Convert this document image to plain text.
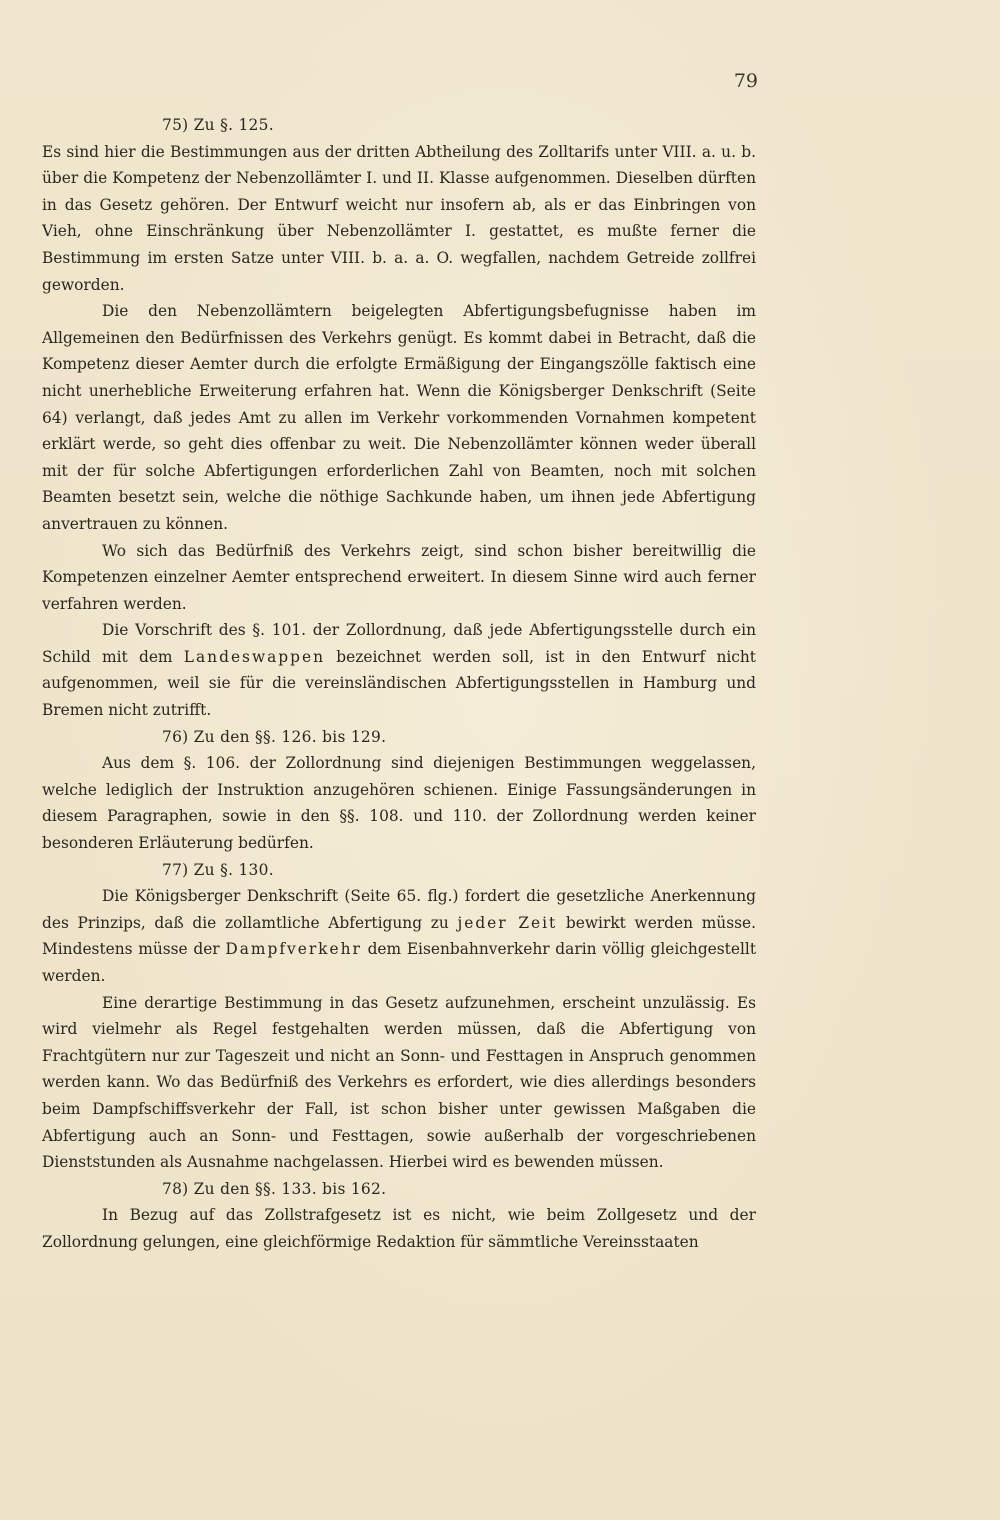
79

75) Zu §. 125.

Es sind hier die Bestimmungen aus der dritten Abtheilung des Zolltarifs unter VIII. a. u. b. über die Kompetenz der Nebenzollämter I. und II. Klasse aufgenommen. Dieselben dürften in das Gesetz gehören. Der Entwurf weicht nur insofern ab, als er das Einbringen von Vieh, ohne Einschränkung über Nebenzollämter I. gestattet, es mußte ferner die Bestimmung im ersten Satze unter VIII. b. a. a. O. wegfallen, nachdem Getreide zollfrei geworden.

Die den Nebenzollämtern beigelegten Abfertigungsbefugnisse haben im Allgemeinen den Bedürfnissen des Verkehrs genügt. Es kommt dabei in Betracht, daß die Kompetenz dieser Aemter durch die erfolgte Ermäßigung der Eingangszölle faktisch eine nicht unerhebliche Erweiterung erfahren hat. Wenn die Königsberger Denkschrift (Seite 64) verlangt, daß jedes Amt zu allen im Verkehr vorkommenden Vornahmen kompetent erklärt werde, so geht dies offenbar zu weit. Die Nebenzollämter können weder überall mit der für solche Abfertigungen erforderlichen Zahl von Beamten, noch mit solchen Beamten besetzt sein, welche die nöthige Sachkunde haben, um ihnen jede Abfertigung anvertrauen zu können.

Wo sich das Bedürfniß des Verkehrs zeigt, sind schon bisher bereitwillig die Kompetenzen einzelner Aemter entsprechend erweitert. In diesem Sinne wird auch ferner verfahren werden.

Die Vorschrift des §. 101. der Zollordnung, daß jede Abfertigungsstelle durch ein Schild mit dem Landeswappen bezeichnet werden soll, ist in den Entwurf nicht aufgenommen, weil sie für die vereinsländischen Abfertigungsstellen in Hamburg und Bremen nicht zutrifft.

76) Zu den §§. 126. bis 129.

Aus dem §. 106. der Zollordnung sind diejenigen Bestimmungen weggelassen, welche lediglich der Instruktion anzugehören schienen. Einige Fassungsänderungen in diesem Paragraphen, sowie in den §§. 108. und 110. der Zollordnung werden keiner besonderen Erläuterung bedürfen.

77) Zu §. 130.

Die Königsberger Denkschrift (Seite 65. flg.) fordert die gesetzliche Anerkennung des Prinzips, daß die zollamtliche Abfertigung zu jeder Zeit bewirkt werden müsse. Mindestens müsse der Dampfverkehr dem Eisenbahnverkehr darin völlig gleichgestellt werden.

Eine derartige Bestimmung in das Gesetz aufzunehmen, erscheint unzulässig. Es wird vielmehr als Regel festgehalten werden müssen, daß die Abfertigung von Frachtgütern nur zur Tageszeit und nicht an Sonn- und Festtagen in Anspruch genommen werden kann. Wo das Bedürfniß des Verkehrs es erfordert, wie dies allerdings besonders beim Dampfschiffsverkehr der Fall, ist schon bisher unter gewissen Maßgaben die Abfertigung auch an Sonn- und Festtagen, sowie außerhalb der vorgeschriebenen Dienststunden als Ausnahme nachgelassen. Hierbei wird es bewenden müssen.

78) Zu den §§. 133. bis 162.

In Bezug auf das Zollstrafgesetz ist es nicht, wie beim Zollgesetz und der Zollordnung gelungen, eine gleichförmige Redaktion für sämmtliche Vereinsstaaten
